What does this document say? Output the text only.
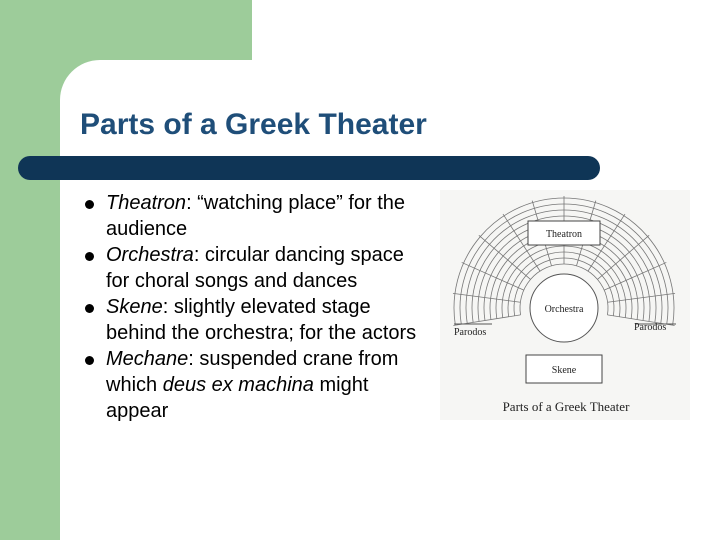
Parts of a Greek Theater
Theatron: “watching place” for the audience
Orchestra: circular dancing space for choral songs and dances
Skene: slightly elevated stage behind the orchestra; for the actors
Mechane: suspended crane from which deus ex machina might appear
Theatron
Orchestra
Parodos	Parodos
Skene
Parts of a Greek Theater
